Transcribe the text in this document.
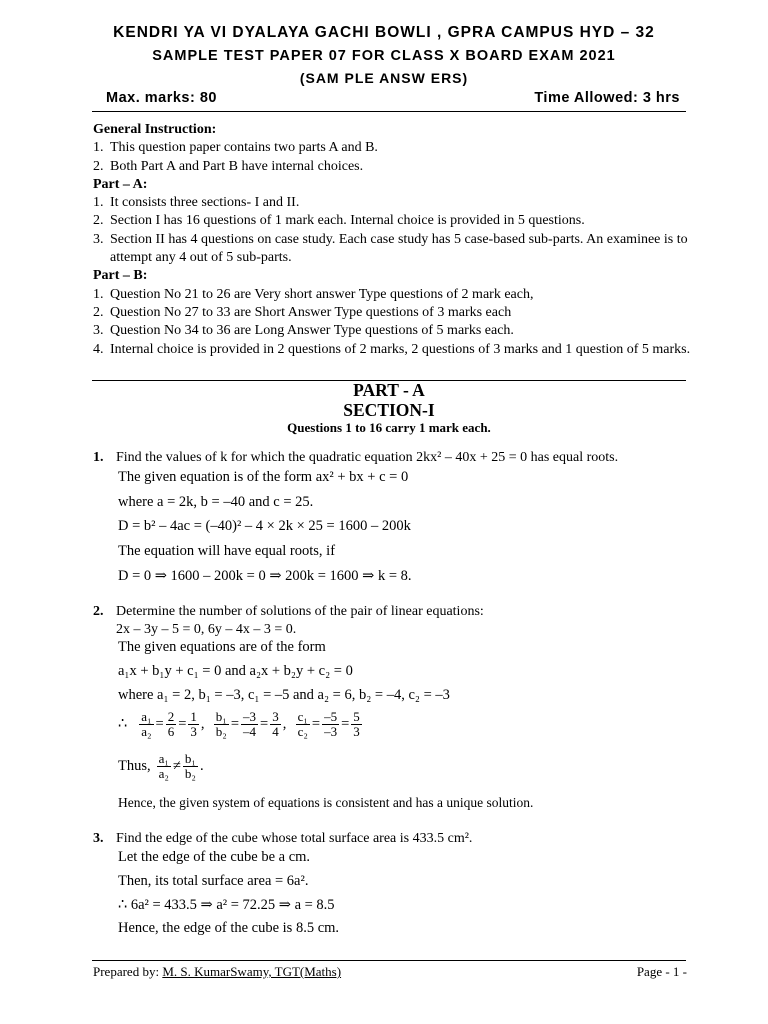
KENDRI YA VI DYALAYA GACHI BOWLI , GPRA CAMPUS HYD – 32
SAMPLE TEST PAPER 07 FOR CLASS X BOARD EXAM 2021
(SAM PLE ANSW ERS)
Max. marks: 80	Time Allowed: 3 hrs
General Instruction:
1. This question paper contains two parts A and B.
2. Both Part A and Part B have internal choices.
Part – A:
1. It consists three sections- I and II.
2. Section I has 16 questions of 1 mark each. Internal choice is provided in 5 questions.
3. Section II has 4 questions on case study. Each case study has 5 case-based sub-parts. An examinee is to attempt any 4 out of 5 sub-parts.
Part – B:
1. Question No 21 to 26 are Very short answer Type questions of 2 mark each,
2. Question No 27 to 33 are Short Answer Type questions of 3 marks each
3. Question No 34 to 36 are Long Answer Type questions of 5 marks each.
4. Internal choice is provided in 2 questions of 2 marks, 2 questions of 3 marks and 1 question of 5 marks.
PART - A
SECTION-I
Questions 1 to 16 carry 1 mark each.
1. Find the values of k for which the quadratic equation 2kx² – 40x + 25 = 0 has equal roots.
The given equation is of the form ax² + bx + c = 0
where a = 2k, b = –40 and c = 25.
D = b² – 4ac = (–40)² – 4 × 2k × 25 = 1600 – 200k
The equation will have equal roots, if
D = 0 ⇒ 1600 – 200k = 0 ⇒ 200k = 1600 ⇒ k = 8.
2. Determine the number of solutions of the pair of linear equations:
2x – 3y – 5 = 0, 6y – 4x – 3 = 0.
The given equations are of the form
a₁x + b₁y + c₁ = 0 and a₂x + b₂y + c₂ = 0
where a₁ = 2, b₁ = –3, c₁ = –5 and a₂ = 6, b₂ = –4, c₂ = –3
∴ $\frac{\text{a₁}}{\text{a₂}} = \frac{2}{6} = \frac{1}{3}$ , $\frac{\text{b₁}}{\text{b₂}} = \frac{-3}{-4} = \frac{3}{4}$ , $\frac{\text{c₁}}{\text{c₂}} = \frac{-5}{-3} = \frac{5}{3}$
Thus, $\frac{\text{a₁}}{\text{a₂}} \ne \frac{\text{b₁}}{\text{b₂}}$ .
Hence, the given system of equations is consistent and has a unique solution.
3. Find the edge of the cube whose total surface area is 433.5 cm².
Let the edge of the cube be a cm.
Then, its total surface area = 6a².
∴ 6a² = 433.5 ⇒ a² = 72.25 ⇒ a = 8.5
Hence, the edge of the cube is 8.5 cm.
Prepared by: M. S. KumarSwamy, TGT(Maths)	Page - 1 -
